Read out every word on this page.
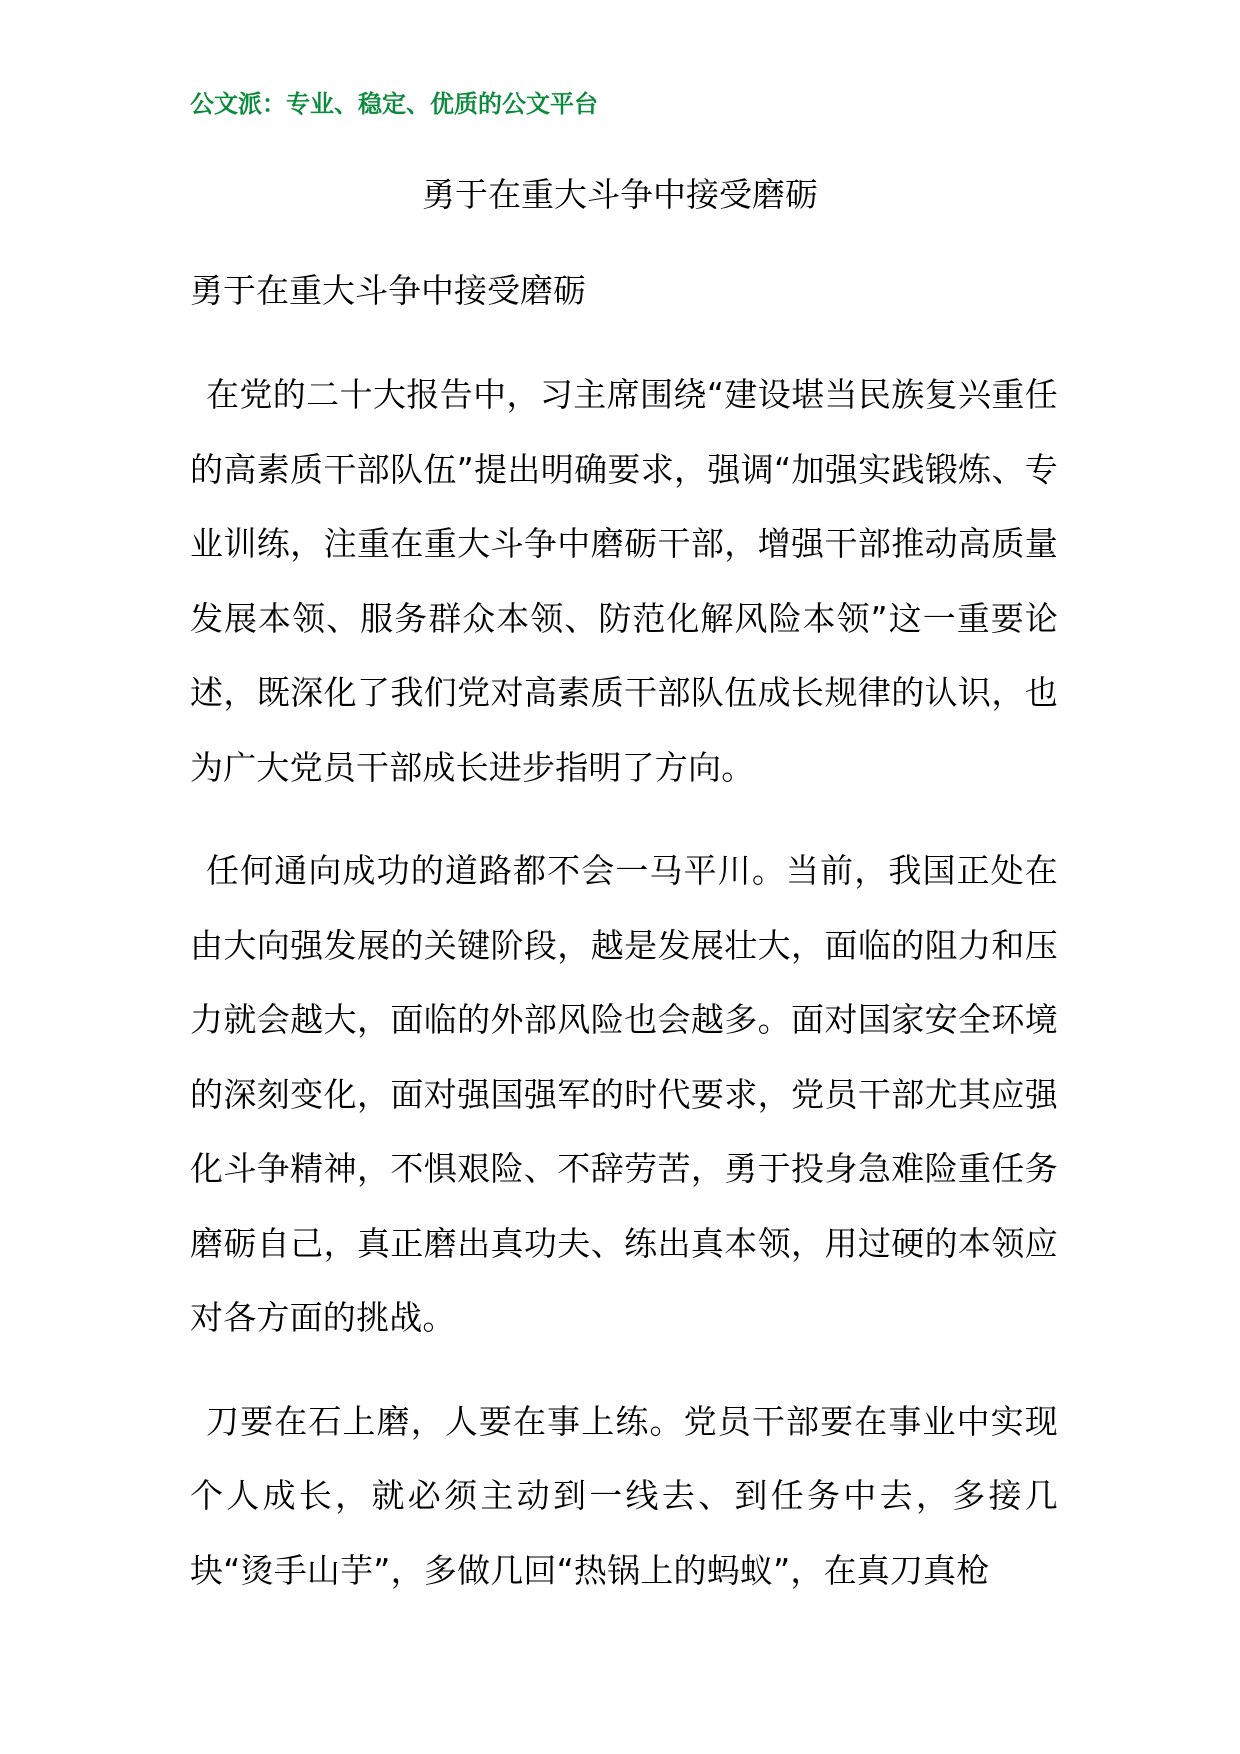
公文派：专业、稳定、优质的公文平台
勇于在重大斗争中接受磨砺
勇于在重大斗争中接受磨砺

在党的二十大报告中，习主席围绕“建设堪当民族复兴重任的高素质干部队伍”提出明确要求，强调“加强实践锻炼、专业训练，注重在重大斗争中磨砺干部，增强干部推动高质量发展本领、服务群众本领、防范化解风险本领”这一重要论述，既深化了我们党对高素质干部队伍成长规律的认识，也为广大党员干部成长进步指明了方向。

任何通向成功的道路都不会一马平川。当前，我国正处在由大向强发展的关键阶段，越是发展壮大，面临的阻力和压力就会越大，面临的外部风险也会越多。面对国家安全环境的深刻变化，面对强国强军的时代要求，党员干部尤其应强化斗争精神，不惧艰险、不辞劳苦，勇于投身急难险重任务磨砺自己，真正磨出真功夫、练出真本领，用过硬的本领应对各方面的挑战。

刀要在石上磨，人要在事上练。党员干部要在事业中实现个人成长，就必须主动到一线去、到任务中去，多接几块“烫手山芋”，多做几回“热锅上的蚂蚁”，在真刀真枪
